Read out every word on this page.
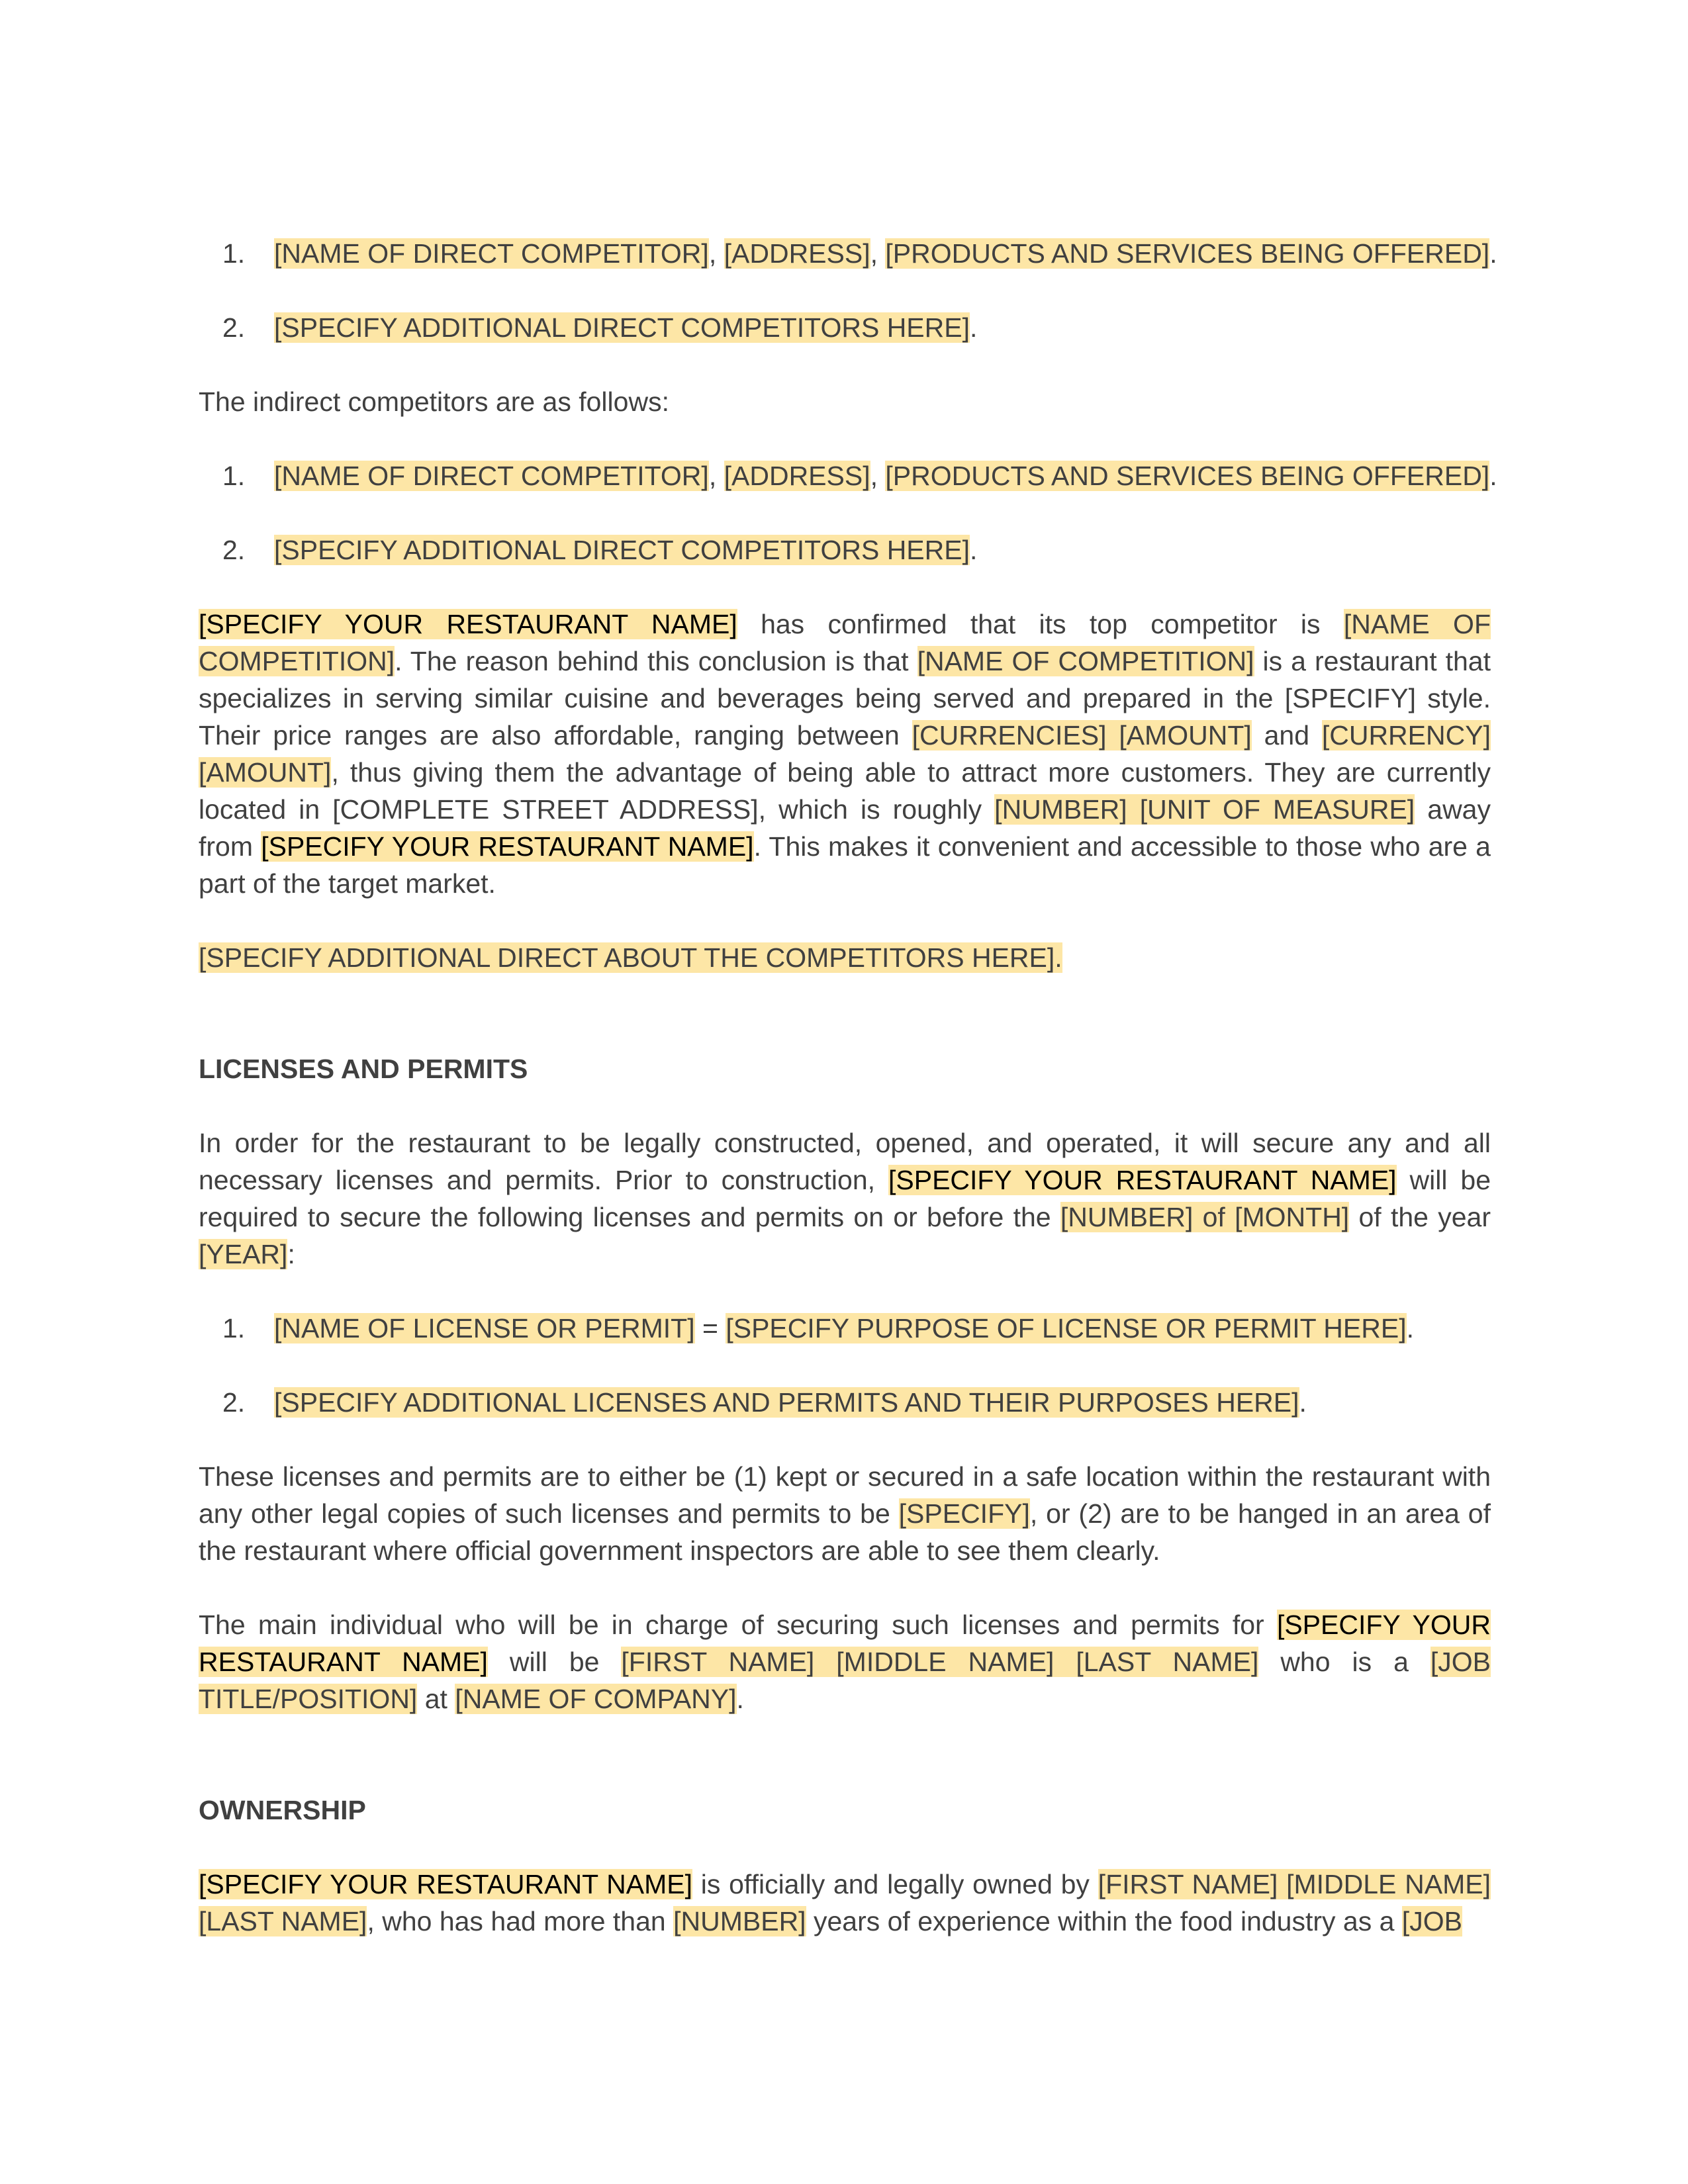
1. [NAME OF DIRECT COMPETITOR], [ADDRESS], [PRODUCTS AND SERVICES BEING OFFERED].
2. [SPECIFY ADDITIONAL DIRECT COMPETITORS HERE].

The indirect competitors are as follows:

1. [NAME OF DIRECT COMPETITOR], [ADDRESS], [PRODUCTS AND SERVICES BEING OFFERED].
2. [SPECIFY ADDITIONAL DIRECT COMPETITORS HERE].

[SPECIFY YOUR RESTAURANT NAME] has confirmed that its top competitor is [NAME OF COMPETITION]. The reason behind this conclusion is that [NAME OF COMPETITION] is a restaurant that specializes in serving similar cuisine and beverages being served and prepared in the [SPECIFY] style. Their price ranges are also affordable, ranging between [CURRENCIES] [AMOUNT] and [CURRENCY] [AMOUNT], thus giving them the advantage of being able to attract more customers. They are currently located in [COMPLETE STREET ADDRESS], which is roughly [NUMBER] [UNIT OF MEASURE] away from [SPECIFY YOUR RESTAURANT NAME]. This makes it convenient and accessible to those who are a part of the target market.

[SPECIFY ADDITIONAL DIRECT ABOUT THE COMPETITORS HERE].

LICENSES AND PERMITS

In order for the restaurant to be legally constructed, opened, and operated, it will secure any and all necessary licenses and permits. Prior to construction, [SPECIFY YOUR RESTAURANT NAME] will be required to secure the following licenses and permits on or before the [NUMBER] of [MONTH] of the year [YEAR]:

1. [NAME OF LICENSE OR PERMIT] = [SPECIFY PURPOSE OF LICENSE OR PERMIT HERE].
2. [SPECIFY ADDITIONAL LICENSES AND PERMITS AND THEIR PURPOSES HERE].

These licenses and permits are to either be (1) kept or secured in a safe location within the restaurant with any other legal copies of such licenses and permits to be [SPECIFY], or (2) are to be hanged in an area of the restaurant where official government inspectors are able to see them clearly.

The main individual who will be in charge of securing such licenses and permits for [SPECIFY YOUR RESTAURANT NAME] will be [FIRST NAME] [MIDDLE NAME] [LAST NAME] who is a [JOB TITLE/POSITION] at [NAME OF COMPANY].

OWNERSHIP

[SPECIFY YOUR RESTAURANT NAME] is officially and legally owned by [FIRST NAME] [MIDDLE NAME] [LAST NAME], who has had more than [NUMBER] years of experience within the food industry as a [JOB
